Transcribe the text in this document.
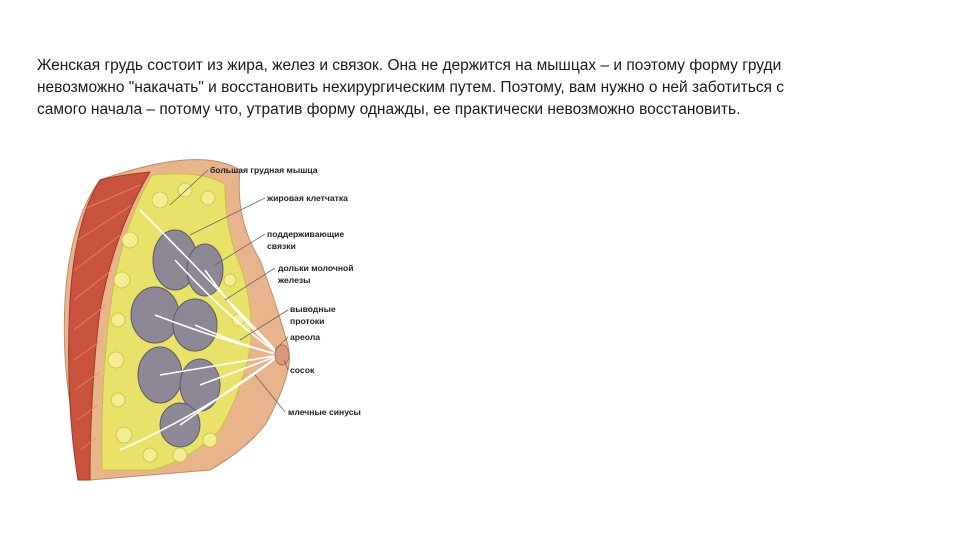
Женская грудь состоит из жира, желез и связок. Она не держится на мышцах – и поэтому форму груди
невозможно "накачать" и восстановить нехирургическим путем. Поэтому, вам нужно о ней заботиться с
самого начала – потому что, утратив форму однажды, ее практически невозможно восстановить.

большая грудная мышца
жировая клетчатка
поддерживающие
связки
дольки молочной
железы
выводные
протоки
ареола
сосок
млечные синусы
